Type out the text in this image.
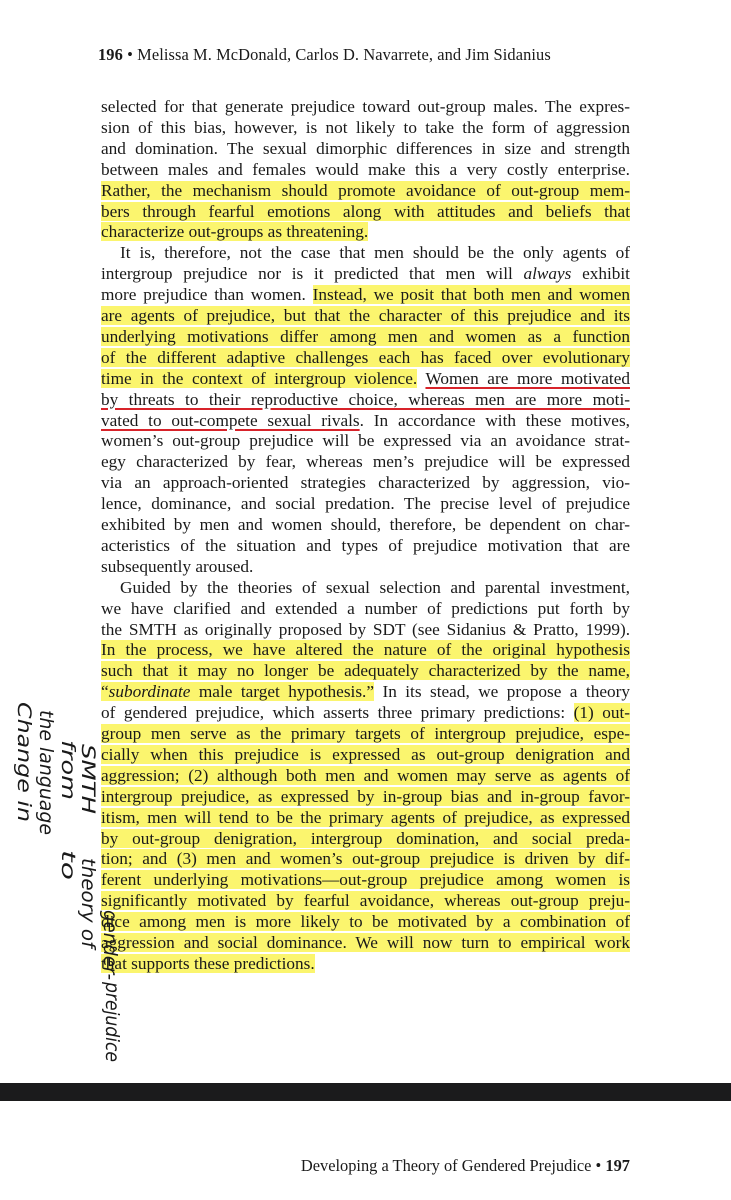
196 • Melissa M. McDonald, Carlos D. Navarrete, and Jim Sidanius
selected for that generate prejudice toward out-group males. The expres-
sion of this bias, however, is not likely to take the form of aggression
and domination. The sexual dimorphic differences in size and strength
between males and females would make this a very costly enterprise.
Rather, the mechanism should promote avoidance of out-group mem-
bers through fearful emotions along with attitudes and beliefs that
characterize out-groups as threatening.
It is, therefore, not the case that men should be the only agents of
intergroup prejudice nor is it predicted that men will always exhibit
more prejudice than women. Instead, we posit that both men and women
are agents of prejudice, but that the character of this prejudice and its
underlying motivations differ among men and women as a function
of the different adaptive challenges each has faced over evolutionary
time in the context of intergroup violence. Women are more motivated
by threats to their reproductive choice, whereas men are more moti-
vated to out-compete sexual rivals. In accordance with these motives,
women’s out-group prejudice will be expressed via an avoidance strat-
egy characterized by fear, whereas men’s prejudice will be expressed
via an approach-oriented strategies characterized by aggression, vio-
lence, dominance, and social predation. The precise level of prejudice
exhibited by men and women should, therefore, be dependent on char-
acteristics of the situation and types of prejudice motivation that are
subsequently aroused.
Guided by the theories of sexual selection and parental investment,
we have clarified and extended a number of predictions put forth by
the SMTH as originally proposed by SDT (see Sidanius & Pratto, 1999).
In the process, we have altered the nature of the original hypothesis
such that it may no longer be adequately characterized by the name,
“subordinate male target hypothesis.” In its stead, we propose a theory
of gendered prejudice, which asserts three primary predictions: (1) out-
group men serve as the primary targets of intergroup prejudice, espe-
cially when this prejudice is expressed as out-group denigration and
aggression; (2) although both men and women may serve as agents of
intergroup prejudice, as expressed by in-group bias and in-group favor-
itism, men will tend to be the primary agents of prejudice, as expressed
by out-group denigration, intergroup domination, and social preda-
tion; and (3) men and women’s out-group prejudice is driven by dif-
ferent underlying motivations—out-group prejudice among women is
significantly motivated by fearful avoidance, whereas out-group preju-
dice among men is more likely to be motivated by a combination of
aggression and social dominance. We will now turn to empirical work
that supports these predictions.
Change in the language from
SMTH
to
theory of
gender-
prejudice
Developing a Theory of Gendered Prejudice • 197
